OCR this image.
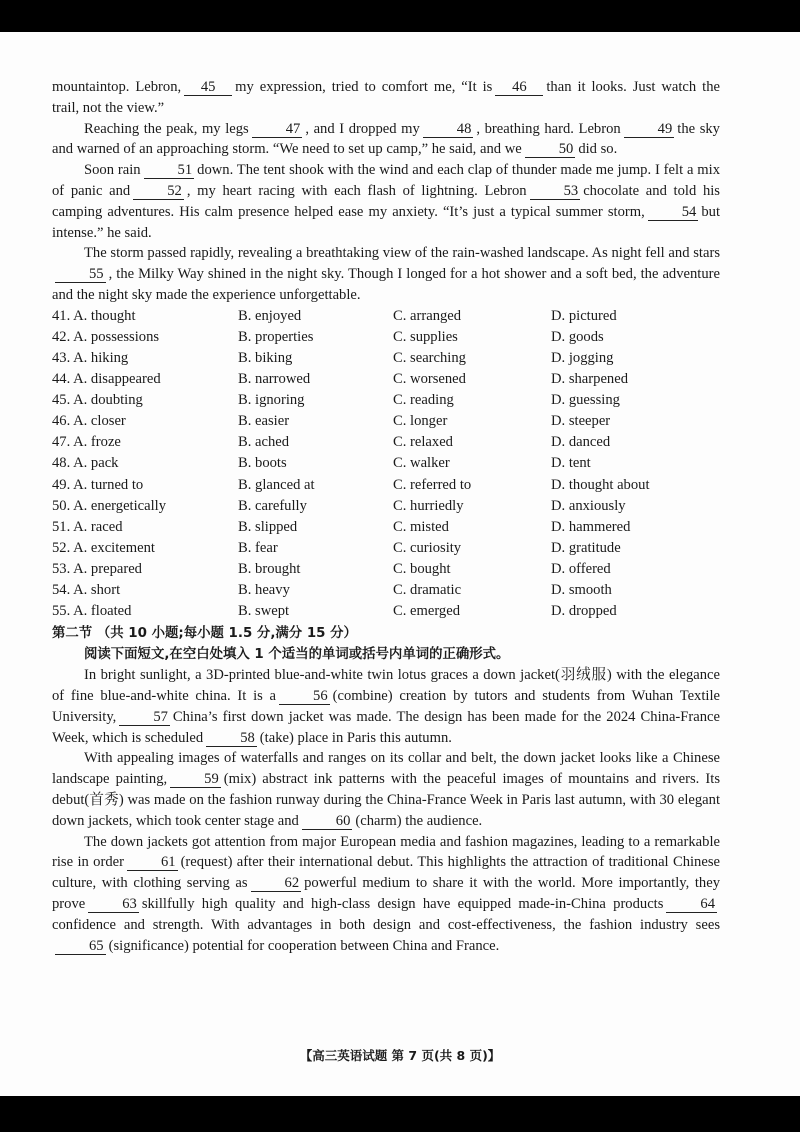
mountaintop. Lebron, 45 my expression, tried to comfort me, “It is 46 than it looks. Just watch the trail, not the view.”

Reaching the peak, my legs	47 , and I dropped my	48 , breathing hard. Lebron	49 the sky and warned of an approaching storm. “We need to set up camp,” he said, and we	50 did so.

Soon rain	51 down. The tent shook with the wind and each clap of thunder made me jump. I felt a mix of panic and	52 , my heart racing with each flash of lightning. Lebron	53 chocolate and told his camping adventures. His calm presence helped ease my anxiety. “It’s just a typical summer storm,	54 but intense.” he said.

The storm passed rapidly, revealing a breathtaking view of the rain-washed landscape. As night fell and stars55 , the Milky Way shined in the night sky. Though I longed for a hot shower and a soft bed, the adventure and the night sky made the experience unforgettable.

41. A. thought	B. enjoyed	C. arranged	D. pictured
42. A. possessions	B. properties	C. supplies	D. goods
43. A. hiking	B. biking	C. searching	D. jogging
44. A. disappeared	B. narrowed	C. worsened	D. sharpened
45. A. doubting	B. ignoring	C. reading	D. guessing
46. A. closer	B. easier	C. longer	D. steeper
47. A. froze	B. ached	C. relaxed	D. danced
48. A. pack	B. boots	C. walker	D. tent
49. A. turned to	B. glanced at	C. referred to	D. thought about
50. A. energetically	B. carefully	C. hurriedly	D. anxiously
51. A. raced	B. slipped	C. misted	D. hammered
52. A. excitement	B. fear	C. curiosity	D. gratitude
53. A. prepared	B. brought	C. bought	D. offered
54. A. short	B. heavy	C. dramatic	D. smooth
55. A. floated	B. swept	C. emerged	D. dropped
第二节 （共 10 小题;每小题 1.5 分,满分 15 分）
阅读下面短文,在空白处填入 1 个适当的单词或括号内单词的正确形式。

In bright sunlight, a 3D-printed blue-and-white twin lotus graces a down jacket(羽绒服) with the elegance of fine blue-and-white china. It is a	56 (combine) creation by tutors and students from Wuhan Textile University,	57 China’s first down jacket was made. The design has been made for the 2024 China-France Week, which is scheduled	58 (take) place in Paris this autumn.

With appealing images of waterfalls and ranges on its collar and belt, the down jacket looks like a Chinese landscape painting,	59 (mix) abstract ink patterns with the peaceful images of mountains and rivers. Its debut(首秀) was made on the fashion runway during the China-France Week in Paris last autumn, with 30 elegant down jackets, which took center stage and	60 (charm) the audience.

The down jackets got attention from major European media and fashion magazines, leading to a remarkable rise in order	61 (request) after their international debut. This highlights the attraction of traditional Chinese culture, with clothing serving as	62 powerful medium to share it with the world. More importantly, they prove	63 skillfully high quality and high-class design have equipped made-in-China products	64confidence and strength. With advantages in both design and cost-effectiveness, the fashion industry sees65 (significance) potential for cooperation between China and France.

【高三英语试题 第 7 页(共 8 页)】
